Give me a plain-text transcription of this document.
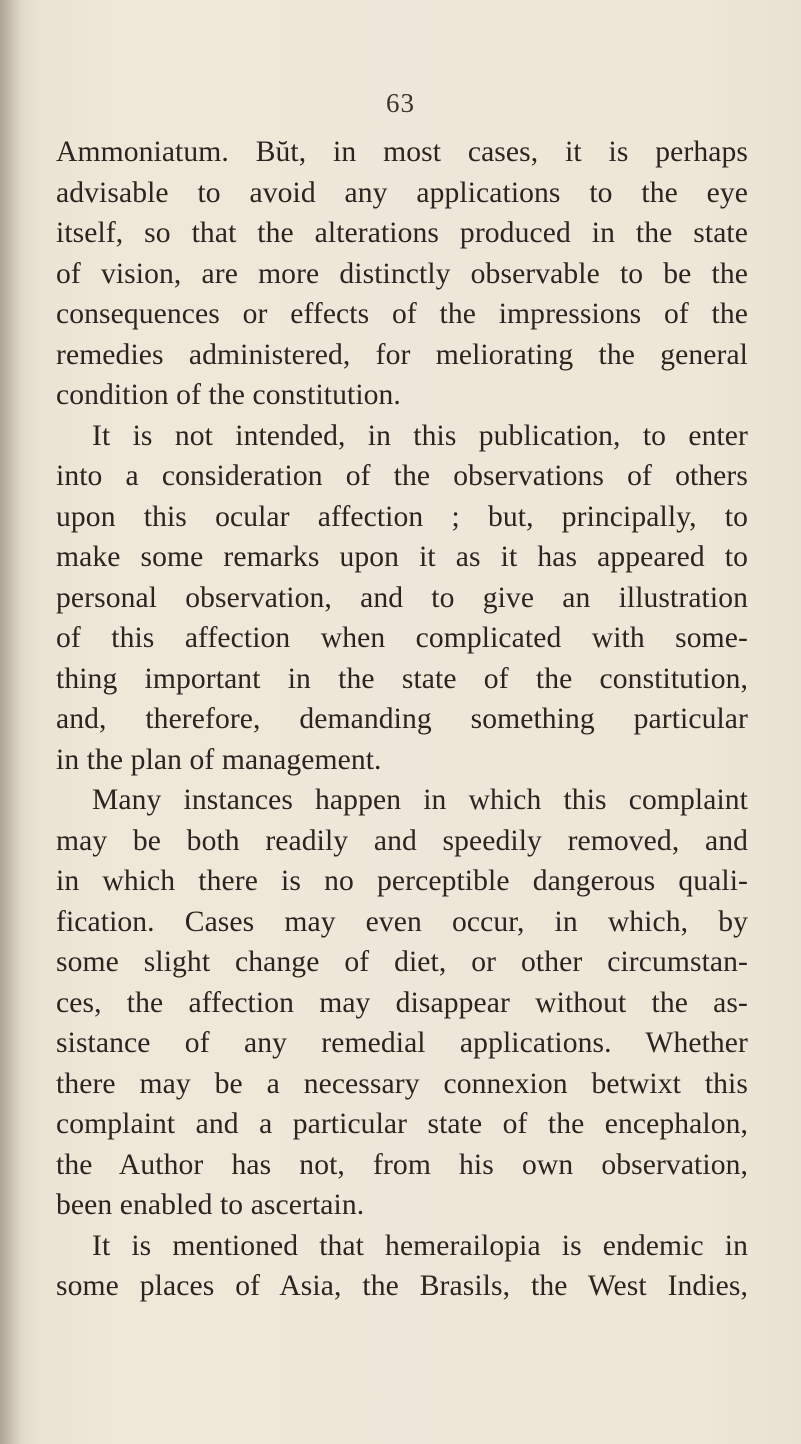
63
Ammoniatum. Bŭt, in most cases, it is perhaps
advisable to avoid any applications to the eye
itself, so that the alterations produced in the state
of vision, are more distinctly observable to be the
consequences or effects of the impressions of the
remedies administered, for meliorating the general
condition of the constitution.
It is not intended, in this publication, to enter
into a consideration of the observations of others
upon this ocular affection ; but, principally, to
make some remarks upon it as it has appeared to
personal observation, and to give an illustration
of this affection when complicated with some-
thing important in the state of the constitution,
and, therefore, demanding something particular
in the plan of management.
Many instances happen in which this complaint
may be both readily and speedily removed, and
in which there is no perceptible dangerous quali-
fication. Cases may even occur, in which, by
some slight change of diet, or other circumstan-
ces, the affection may disappear without the as-
sistance of any remedial applications. Whether
there may be a necessary connexion betwixt this
complaint and a particular state of the encephalon,
the Author has not, from his own observation,
been enabled to ascertain.
It is mentioned that hemerailopia is endemic in
some places of Asia, the Brasils, the West Indies,
